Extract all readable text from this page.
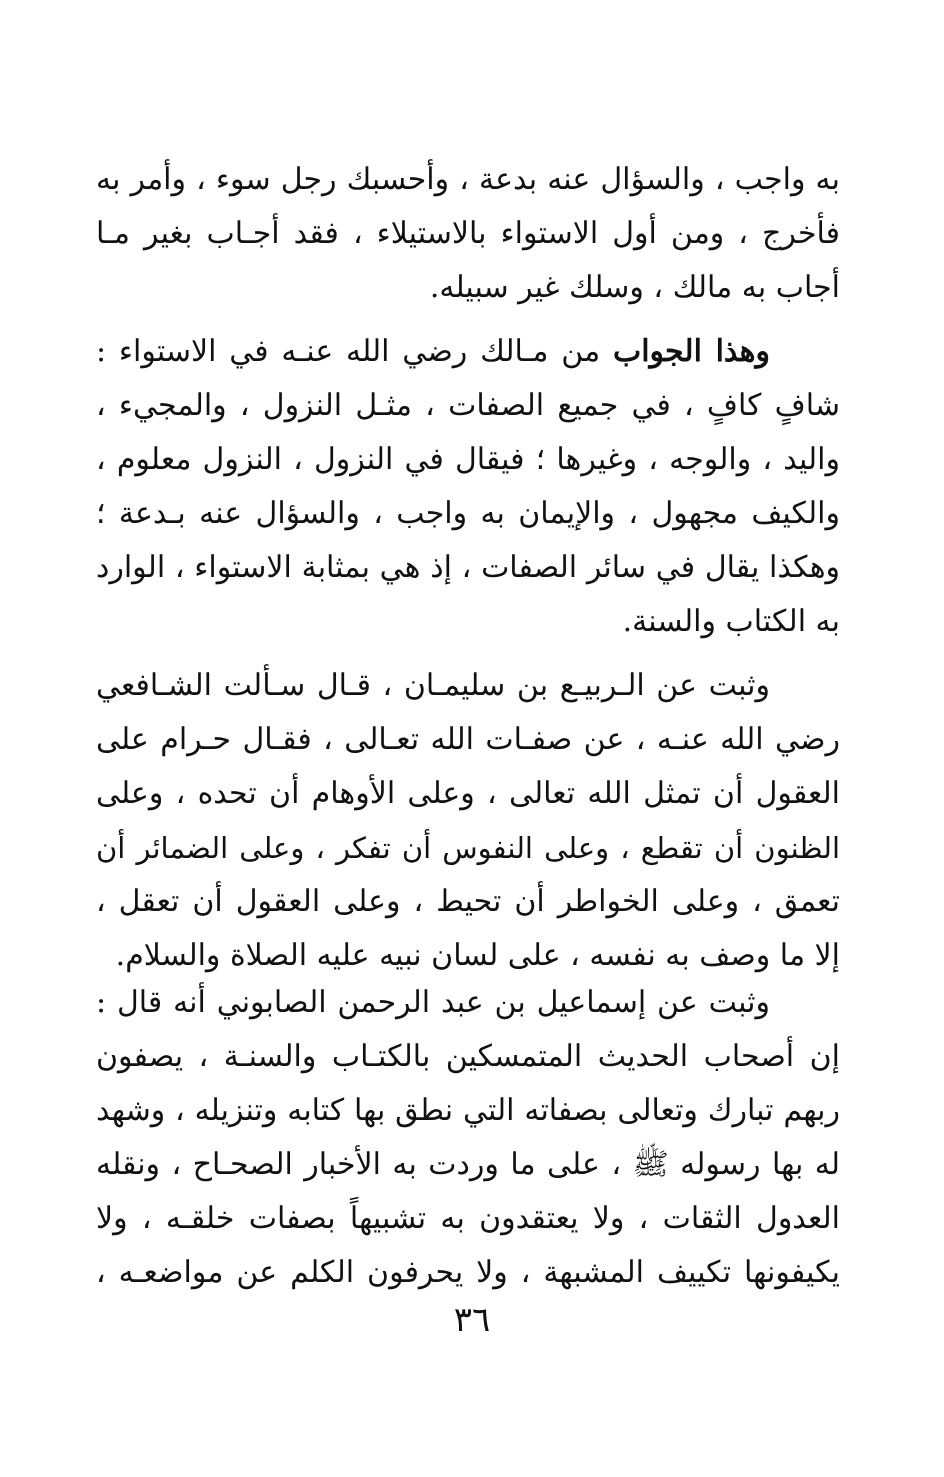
به واجب ، والسؤال عنه بدعة ، وأحسبك رجل سوء ، وأمر به
فأخرج ، ومن أول الاستواء بالاستيلاء ، فقد أجـاب بغير مـا
أجاب به مالك ، وسلك غير سبيله.
وهذا الجواب من مـالك رضي الله عنـه في الاستواء :
شافٍ كافٍ ، في جميع الصفات ، مثـل النزول ، والمجيء ،
واليد ، والوجه ، وغيرها ؛ فيقال في النزول ، النزول معلوم ،
والكيف مجهول ، والإيمان به واجب ، والسؤال عنه بـدعة ؛
وهكذا يقال في سائر الصفات ، إذ هي بمثابة الاستواء ، الوارد
به الكتاب والسنة.
وثبت عن الـربيـع بن سليمـان ، قـال سـألت الشـافعي
رضي الله عنـه ، عن صفـات الله تعـالى ، فقـال حـرام على
العقول أن تمثل الله تعالى ، وعلى الأوهام أن تحده ، وعلى
الظنون أن تقطع ، وعلى النفوس أن تفكر ، وعلى الضمائر أن
تعمق ، وعلى الخواطر أن تحيط ، وعلى العقول أن تعقل ،
إلا ما وصف به نفسه ، على لسان نبيه عليه الصلاة والسلام.
وثبت عن إسماعيل بن عبد الرحمن الصابوني أنه قال :
إن أصحاب الحديث المتمسكين بالكتـاب والسنـة ، يصفون
ربهم تبارك وتعالى بصفاته التي نطق بها كتابه وتنزيله ، وشهد
له بها رسوله ﷺ ، على ما وردت به الأخبار الصحـاح ، ونقله
العدول الثقات ، ولا يعتقدون به تشبيهاً بصفات خلقـه ، ولا
يكيفونها تكييف المشبهة ، ولا يحرفون الكلم عن مواضعـه ،
٣٦
